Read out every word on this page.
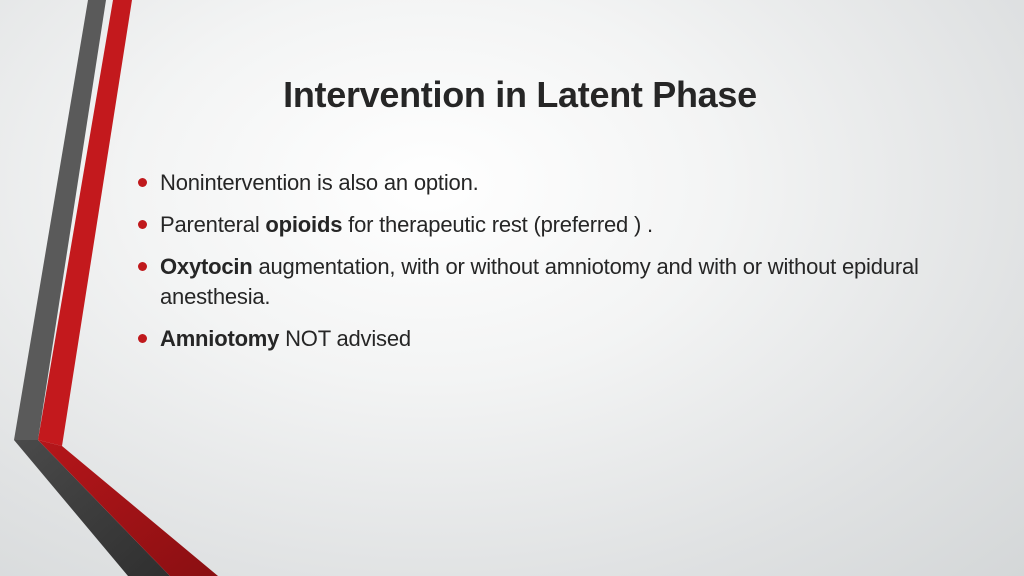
Intervention in Latent Phase
Nonintervention is also an option.
Parenteral opioids for therapeutic rest (preferred ) .
Oxytocin augmentation, with or without amniotomy and with or without epidural anesthesia.
Amniotomy NOT advised
